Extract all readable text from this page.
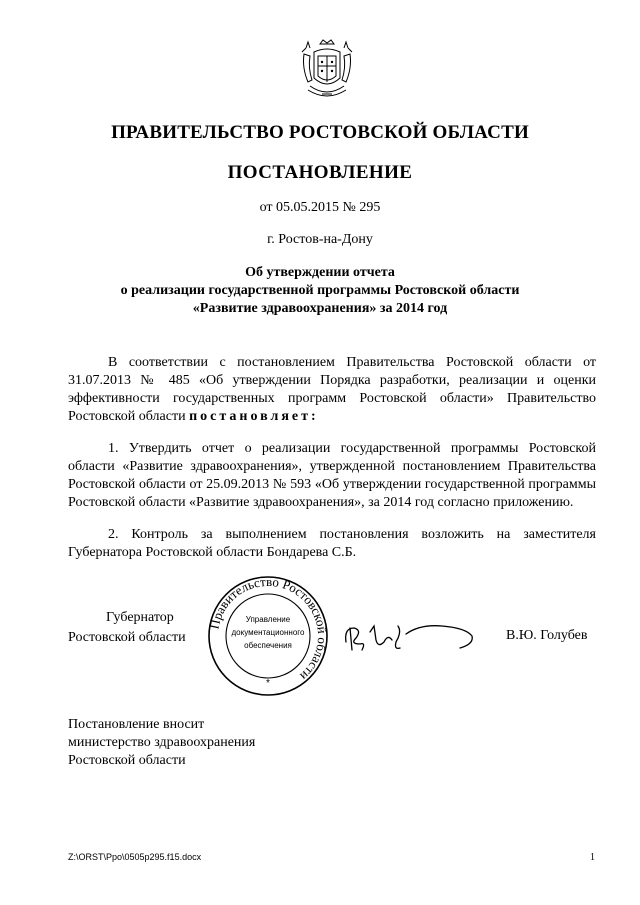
ПРАВИТЕЛЬСТВО РОСТОВСКОЙ ОБЛАСТИ
ПОСТАНОВЛЕНИЕ
от 05.05.2015 № 295
г. Ростов-на-Дону
Об утверждении отчета
о реализации государственной программы Ростовской области
«Развитие здравоохранения» за 2014 год
В соответствии с постановлением Правительства Ростовской области от 31.07.2013 № 485 «Об утверждении Порядка разработки, реализации и оценки эффективности государственных программ Ростовской области» Правительство Ростовской области постановляет:
1. Утвердить отчет о реализации государственной программы Ростовской области «Развитие здравоохранения», утвержденной постановлением Правительства Ростовской области от 25.09.2013 № 593 «Об утверждении государственной программы Ростовской области «Развитие здравоохранения», за 2014 год согласно приложению.
2. Контроль за выполнением постановления возложить на заместителя Губернатора Ростовской области Бондарева С.Б.
Губернатор
Ростовской области
Правительство Ростовской области
Управление
документационного
обеспечения
*
В.Ю. Голубев
Постановление вносит
министерство здравоохранения
Ростовской области
Z:\ORST\Ppo\0505p295.f15.docx	1
